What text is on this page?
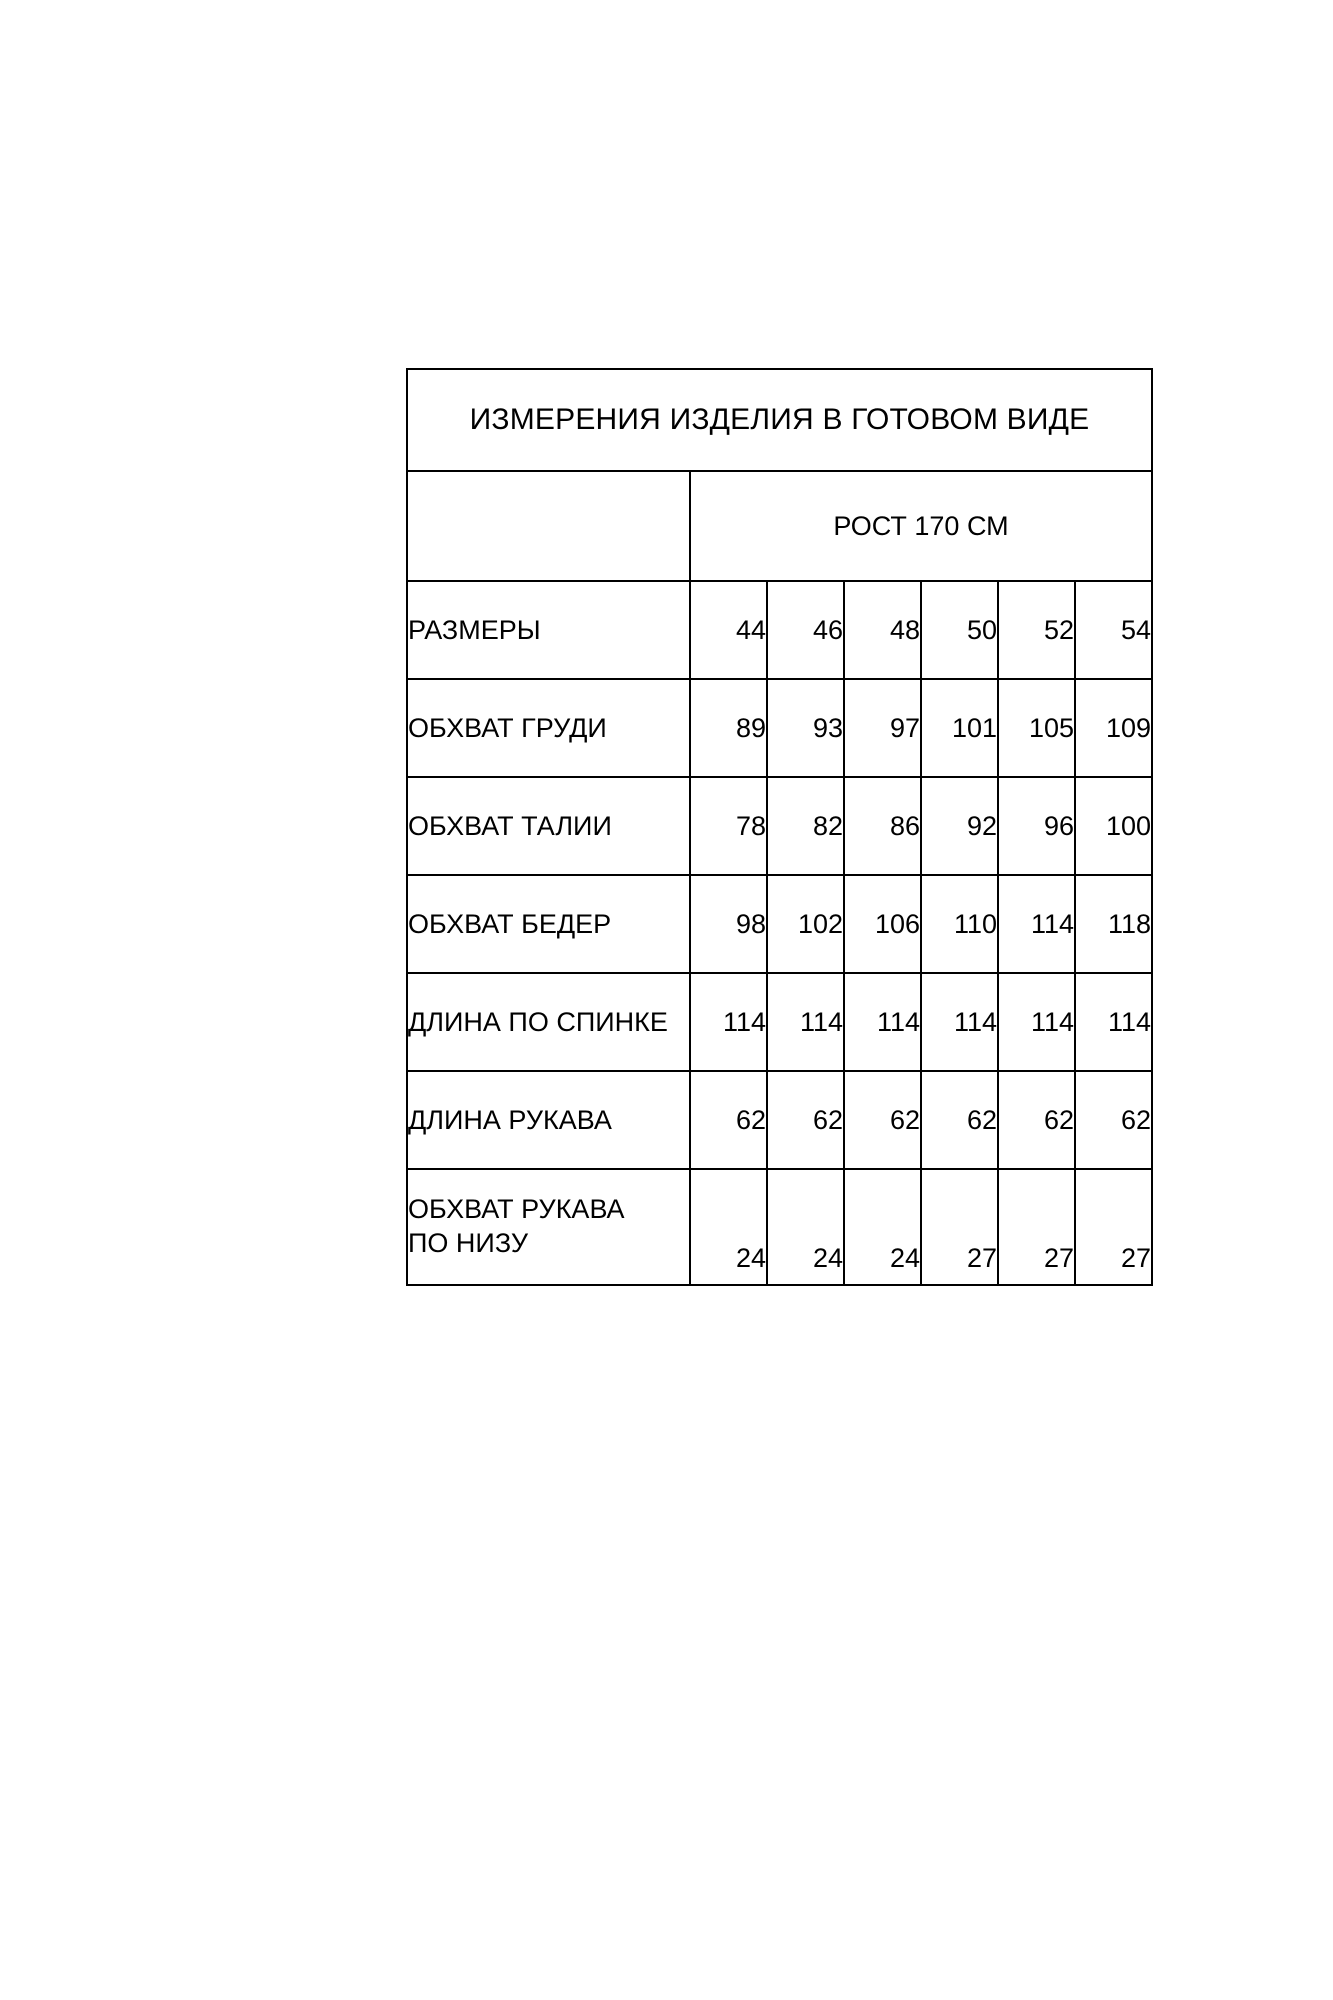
ИЗМЕРЕНИЯ ИЗДЕЛИЯ В ГОТОВОМ ВИДЕ						
	РОСТ 170 СМ					
РАЗМЕРЫ	44	46	48	50	52	54
ОБХВАТ ГРУДИ	89	93	97	101	105	109
ОБХВАТ ТАЛИИ	78	82	86	92	96	100
ОБХВАТ БЕДЕР	98	102	106	110	114	118
ДЛИНА ПО СПИНКЕ	114	114	114	114	114	114
ДЛИНА РУКАВА	62	62	62	62	62	62

ОБХВАТ РУКАВА
ПО НИЗУ	24	24	24	27	27	27
